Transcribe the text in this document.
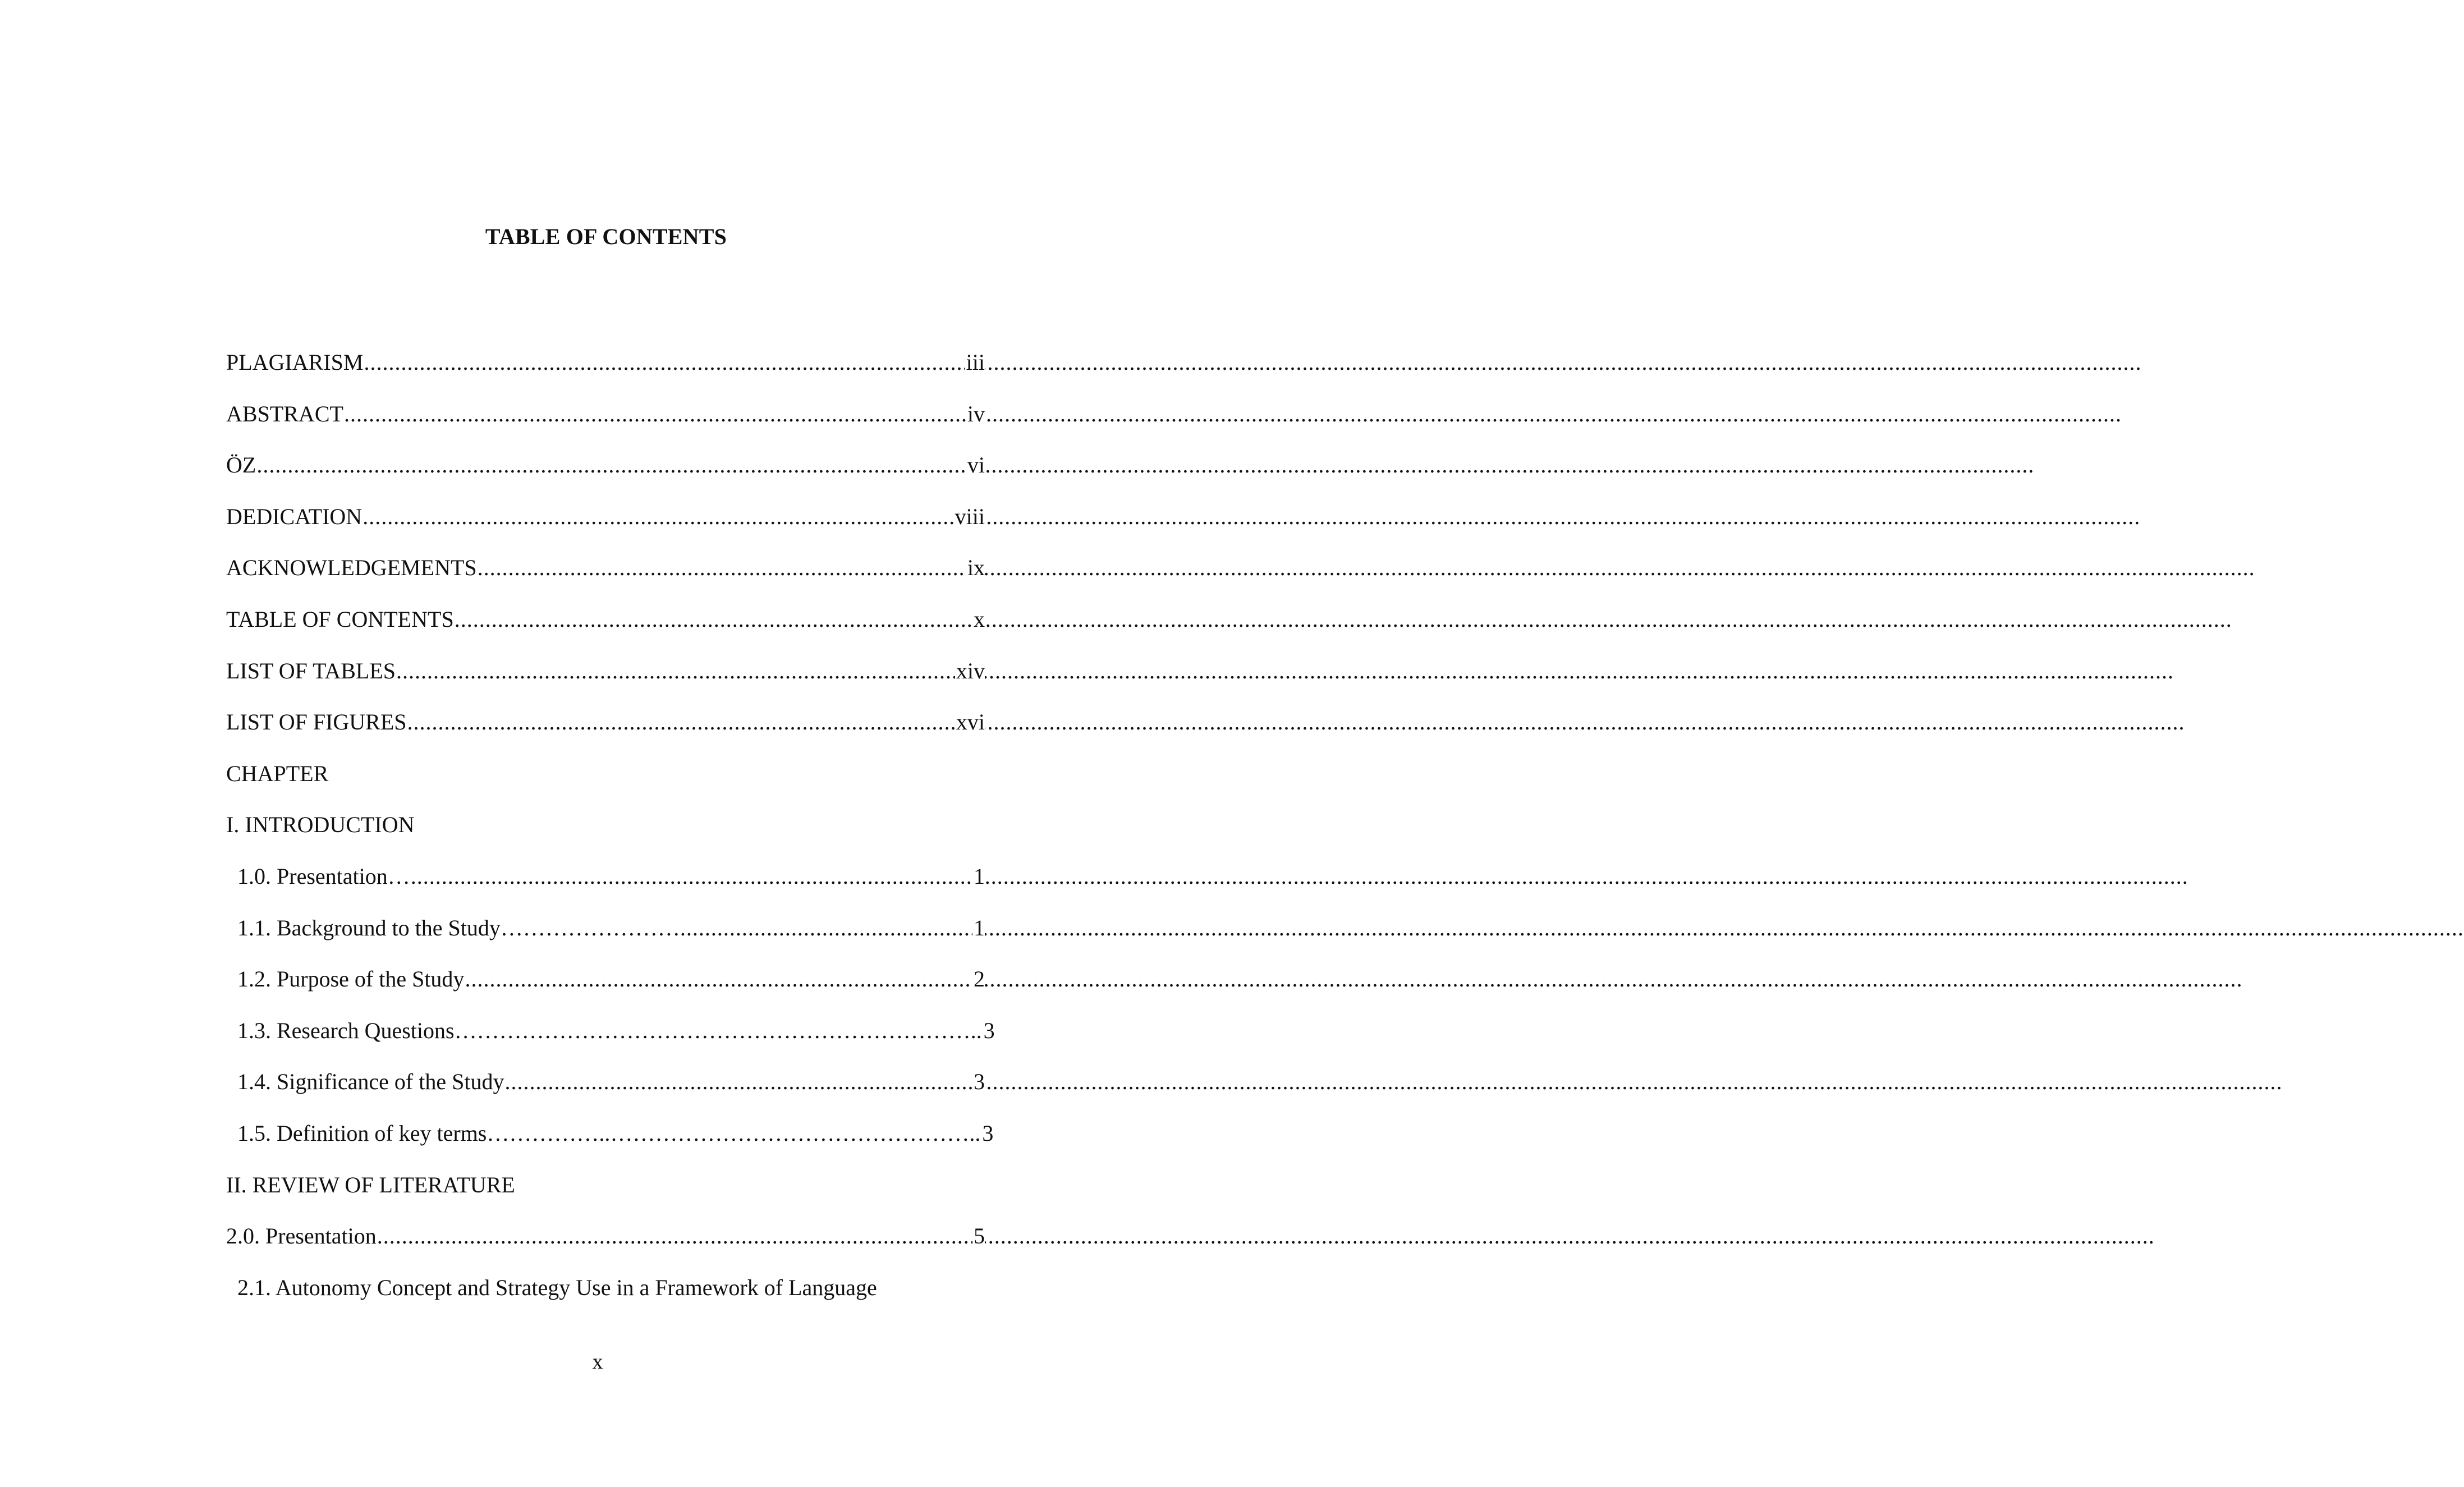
TABLE OF CONTENTS
PLAGIARISM .....	iii
ABSTRACT .....	iv
ÖZ .....	vi
DEDICATION .....	viii
ACKNOWLEDGEMENTS .....	ix
TABLE OF CONTENTS .....	x
LIST OF TABLES .....	xiv
LIST OF FIGURES .....	xvi
CHAPTER
I. INTRODUCTION
1.0. Presentation… .....	1
1.1. Background to the Study……………………. .....	1
1.2. Purpose of the Study .....	2
1.3. Research Questions…………………………………………………………….. 3
1.4. Significance of the Study .....	3
1.5. Definition of key terms……………..………………………………………….. 3
II. REVIEW OF LITERATURE
2.0. Presentation .....	5
2.1. Autonomy Concept and Strategy Use in a Framework of Language

x
